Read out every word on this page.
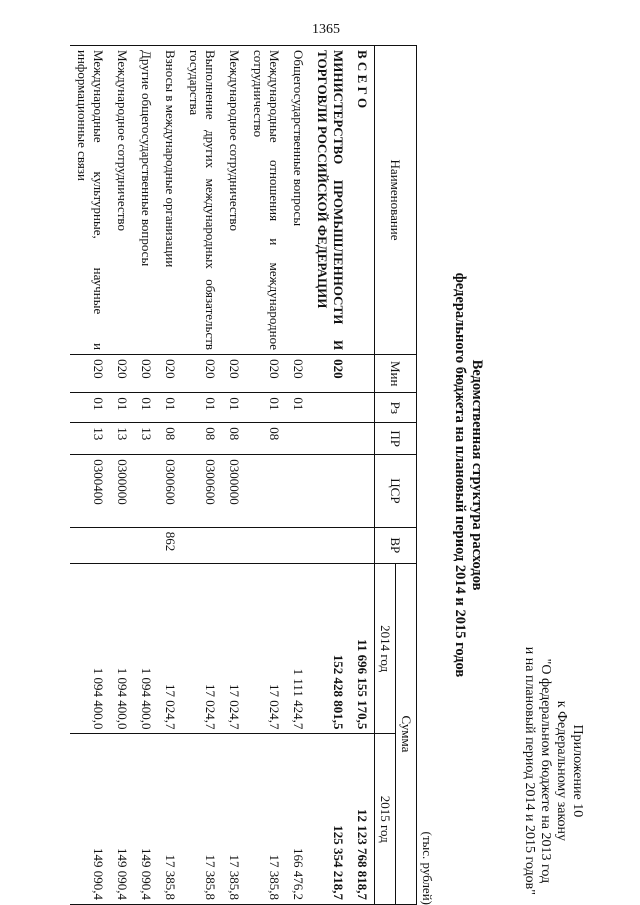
1365
Приложение 10
к Федеральному закону
"О федеральном бюджете на 2013 год
и на плановый период 2014 и 2015 годов"
Ведомственная структура расходов
федерального бюджета на плановый период 2014 и 2015 годов
(тыс. рублей)
Наименование	Мин	Рз	ПР	ЦСР	ВР	Сумма	
						2014 год	2015 год
В С Е Г О						11 696 155 170,5	12 123 768 818,7
МИНИСТЕРСТВО ПРОМЫШЛЕННОСТИ И ТОРГОВЛИ РОССИЙСКОЙ ФЕДЕРАЦИИ	020					152 428 801,5	125 354 218,7
Общегосударственные вопросы	020	01				1 111 424,7	166 476,2
Международные отношения и международное сотрудничество	020	01	08			17 024,7	17 385,8
Международное сотрудничество	020	01	08	0300000		17 024,7	17 385,8
Выполнение других международных обязательств государства	020	01	08	0300600		17 024,7	17 385,8
Взносы в международные организации	020	01	08	0300600	862	17 024,7	17 385,8
Другие общегосударственные вопросы	020	01	13			1 094 400,0	149 090,4
Международное сотрудничество	020	01	13	0300000		1 094 400,0	149 090,4
Международные культурные, научные и информационные связи	020	01	13	0300400		1 094 400,0	149 090,4
